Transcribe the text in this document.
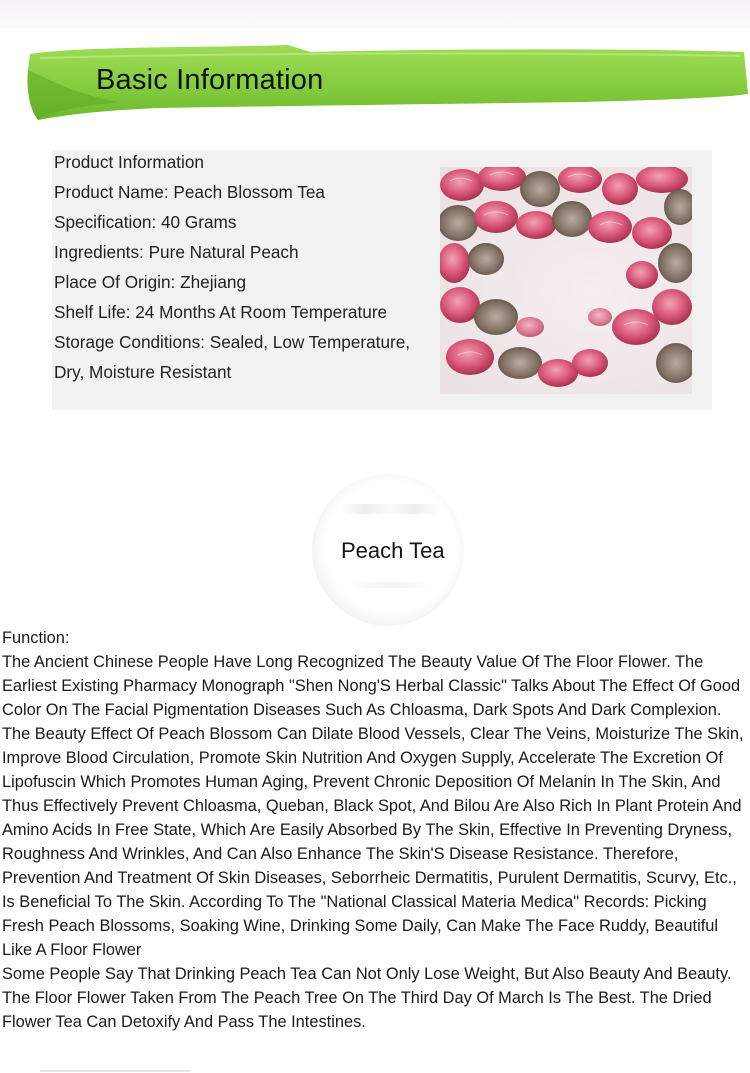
Basic Information
Product Information
Product Name: Peach Blossom Tea
Specification: 40 Grams
Ingredients: Pure Natural Peach
Place Of Origin: Zhejiang
Shelf Life: 24 Months At Room Temperature
Storage Conditions: Sealed, Low Temperature,
Dry, Moisture Resistant
Peach Tea

Function:

The Ancient Chinese People Have Long Recognized The Beauty Value Of The Floor Flower. The Earliest Existing Pharmacy Monograph "Shen Nong'S Herbal Classic" Talks About The Effect Of Good Color On The Facial Pigmentation Diseases Such As Chloasma, Dark Spots And Dark Complexion. The Beauty Effect Of Peach Blossom Can Dilate Blood Vessels, Clear The Veins, Moisturize The Skin, Improve Blood Circulation, Promote Skin Nutrition And Oxygen Supply, Accelerate The Excretion Of Lipofuscin Which Promotes Human Aging, Prevent Chronic Deposition Of Melanin In The Skin, And Thus Effectively Prevent Chloasma, Queban, Black Spot, And Bilou Are Also Rich In Plant Protein And Amino Acids In Free State, Which Are Easily Absorbed By The Skin, Effective In Preventing Dryness, Roughness And Wrinkles, And Can Also Enhance The Skin'S Disease Resistance. Therefore, Prevention And Treatment Of Skin Diseases, Seborrheic Dermatitis, Purulent Dermatitis, Scurvy, Etc., Is Beneficial To The Skin. According To The "National Classical Materia Medica" Records: Picking Fresh Peach Blossoms, Soaking Wine, Drinking Some Daily, Can Make The Face Ruddy, Beautiful Like A Floor Flower

Some People Say That Drinking Peach Tea Can Not Only Lose Weight, But Also Beauty And Beauty. The Floor Flower Taken From The Peach Tree On The Third Day Of March Is The Best. The Dried Flower Tea Can Detoxify And Pass The Intestines.
